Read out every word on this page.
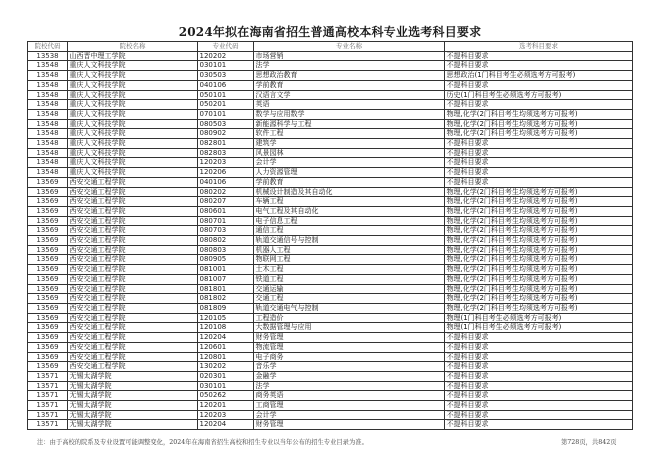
2024年拟在海南省招生普通高校本科专业选考科目要求
院校代码	院校名称	专业代码	专业名称	选考科目要求
13538	山西晋中理工学院	120202	市场营销	不提科目要求
13548	重庆人文科技学院	030101	法学	不提科目要求
13548	重庆人文科技学院	030503	思想政治教育	思想政治(1门科目考生必须选考方可报考)
13548	重庆人文科技学院	040106	学前教育	不提科目要求
13548	重庆人文科技学院	050101	汉语言文学	历史(1门科目考生必须选考方可报考)
13548	重庆人文科技学院	050201	英语	不提科目要求
13548	重庆人文科技学院	070101	数学与应用数学	物理,化学(2门科目考生均须选考方可报考)
13548	重庆人文科技学院	080503	新能源科学与工程	物理,化学(2门科目考生均须选考方可报考)
13548	重庆人文科技学院	080902	软件工程	物理,化学(2门科目考生均须选考方可报考)
13548	重庆人文科技学院	082801	建筑学	不提科目要求
13548	重庆人文科技学院	082803	风景园林	不提科目要求
13548	重庆人文科技学院	120203	会计学	不提科目要求
13548	重庆人文科技学院	120206	人力资源管理	不提科目要求
13569	西安交通工程学院	040106	学前教育	不提科目要求
13569	西安交通工程学院	080202	机械设计制造及其自动化	物理,化学(2门科目考生均须选考方可报考)
13569	西安交通工程学院	080207	车辆工程	物理,化学(2门科目考生均须选考方可报考)
13569	西安交通工程学院	080601	电气工程及其自动化	物理,化学(2门科目考生均须选考方可报考)
13569	西安交通工程学院	080701	电子信息工程	物理,化学(2门科目考生均须选考方可报考)
13569	西安交通工程学院	080703	通信工程	物理,化学(2门科目考生均须选考方可报考)
13569	西安交通工程学院	080802	轨道交通信号与控制	物理,化学(2门科目考生均须选考方可报考)
13569	西安交通工程学院	080803	机器人工程	物理,化学(2门科目考生均须选考方可报考)
13569	西安交通工程学院	080905	物联网工程	物理,化学(2门科目考生均须选考方可报考)
13569	西安交通工程学院	081001	土木工程	物理,化学(2门科目考生均须选考方可报考)
13569	西安交通工程学院	081007	铁道工程	物理,化学(2门科目考生均须选考方可报考)
13569	西安交通工程学院	081801	交通运输	物理,化学(2门科目考生均须选考方可报考)
13569	西安交通工程学院	081802	交通工程	物理,化学(2门科目考生均须选考方可报考)
13569	西安交通工程学院	081809	轨道交通电气与控制	物理,化学(2门科目考生均须选考方可报考)
13569	西安交通工程学院	120105	工程造价	物理(1门科目考生必须选考方可报考)
13569	西安交通工程学院	120108	大数据管理与应用	物理(1门科目考生必须选考方可报考)
13569	西安交通工程学院	120204	财务管理	不提科目要求
13569	西安交通工程学院	120601	物流管理	不提科目要求
13569	西安交通工程学院	120801	电子商务	不提科目要求
13569	西安交通工程学院	130202	音乐学	不提科目要求
13571	无锡太湖学院	020301	金融学	不提科目要求
13571	无锡太湖学院	030101	法学	不提科目要求
13571	无锡太湖学院	050262	商务英语	不提科目要求
13571	无锡太湖学院	120201	工商管理	不提科目要求
13571	无锡太湖学院	120203	会计学	不提科目要求
13571	无锡太湖学院	120204	财务管理	不提科目要求
注：由于高校的院系及专业设置可能调整变化，2024年在海南省招生高校和招生专业以当年公布的招生专业目录为准。	第728页，共842页
